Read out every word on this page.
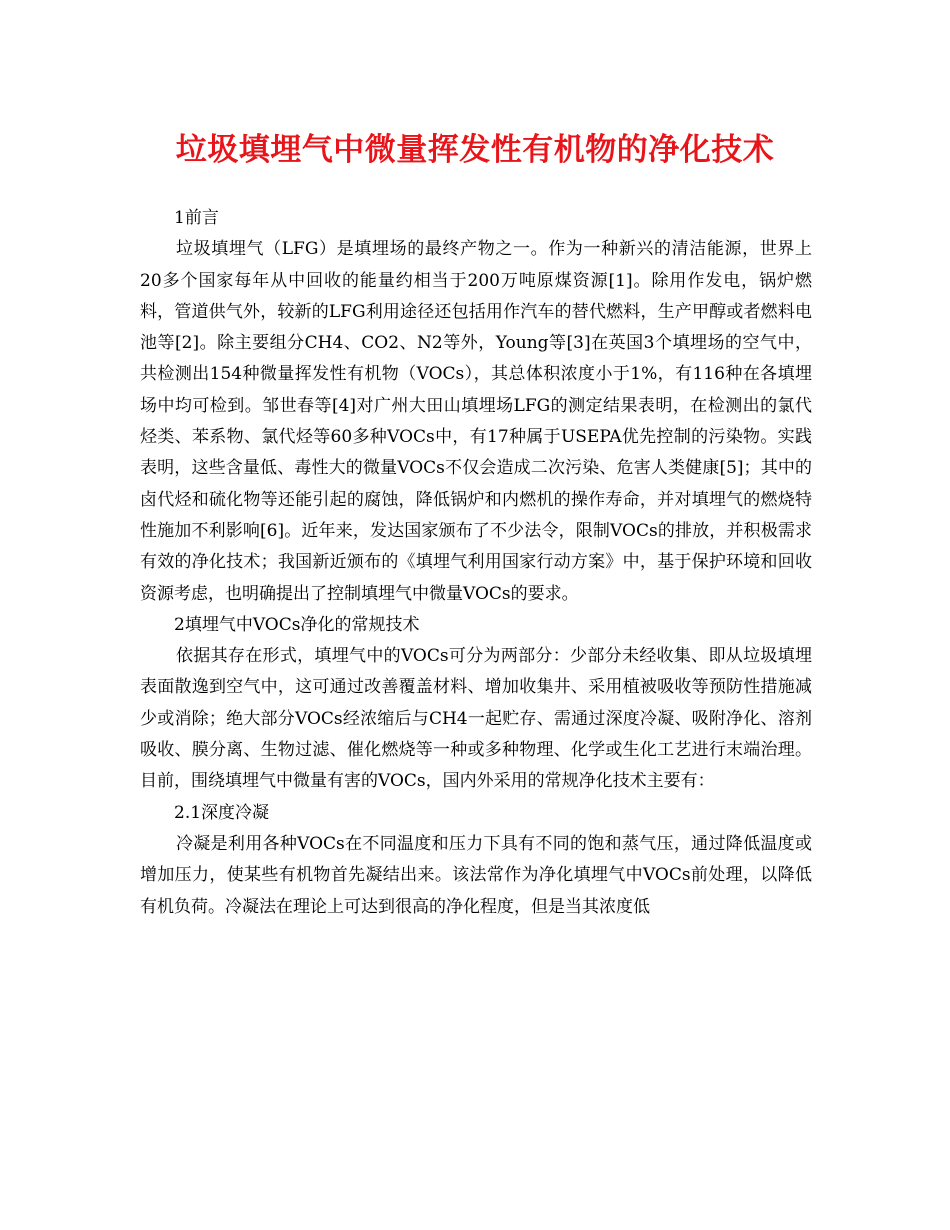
垃圾填埋气中微量挥发性有机物的净化技术

1前言

垃圾填埋气（LFG）是填埋场的最终产物之一。作为一种新兴的清洁能源，世界上20多个国家每年从中回收的能量约相当于200万吨原煤资源[1]。除用作发电，锅炉燃料，管道供气外，较新的LFG利用途径还包括用作汽车的替代燃料，生产甲醇或者燃料电池等[2]。除主要组分CH4、CO2、N2等外，Young等[3]在英国3个填埋场的空气中，共检测出154种微量挥发性有机物（VOCs），其总体积浓度小于1%，有116种在各填埋场中均可检到。邹世春等[4]对广州大田山填埋场LFG的测定结果表明，在检测出的氯代烃类、苯系物、氯代烃等60多种VOCs中，有17种属于USEPA优先控制的污染物。实践表明，这些含量低、毒性大的微量VOCs不仅会造成二次污染、危害人类健康[5]；其中的卤代烃和硫化物等还能引起的腐蚀，降低锅炉和内燃机的操作寿命，并对填埋气的燃烧特性施加不利影响[6]。近年来，发达国家颁布了不少法令，限制VOCs的排放，并积极需求有效的净化技术；我国新近颁布的《填埋气利用国家行动方案》中，基于保护环境和回收资源考虑，也明确提出了控制填埋气中微量VOCs的要求。

2填埋气中VOCs净化的常规技术

依据其存在形式，填埋气中的VOCs可分为两部分：少部分未经收集、即从垃圾填埋表面散逸到空气中，这可通过改善覆盖材料、增加收集井、采用植被吸收等预防性措施减少或消除；绝大部分VOCs经浓缩后与CH4一起贮存、需通过深度冷凝、吸附净化、溶剂吸收、膜分离、生物过滤、催化燃烧等一种或多种物理、化学或生化工艺进行末端治理。目前，围绕填埋气中微量有害的VOCs，国内外采用的常规净化技术主要有：

2.1深度冷凝

冷凝是利用各种VOCs在不同温度和压力下具有不同的饱和蒸气压，通过降低温度或增加压力，使某些有机物首先凝结出来。该法常作为净化填埋气中VOCs前处理，以降低有机负荷。冷凝法在理论上可达到很高的净化程度，但是当其浓度低
